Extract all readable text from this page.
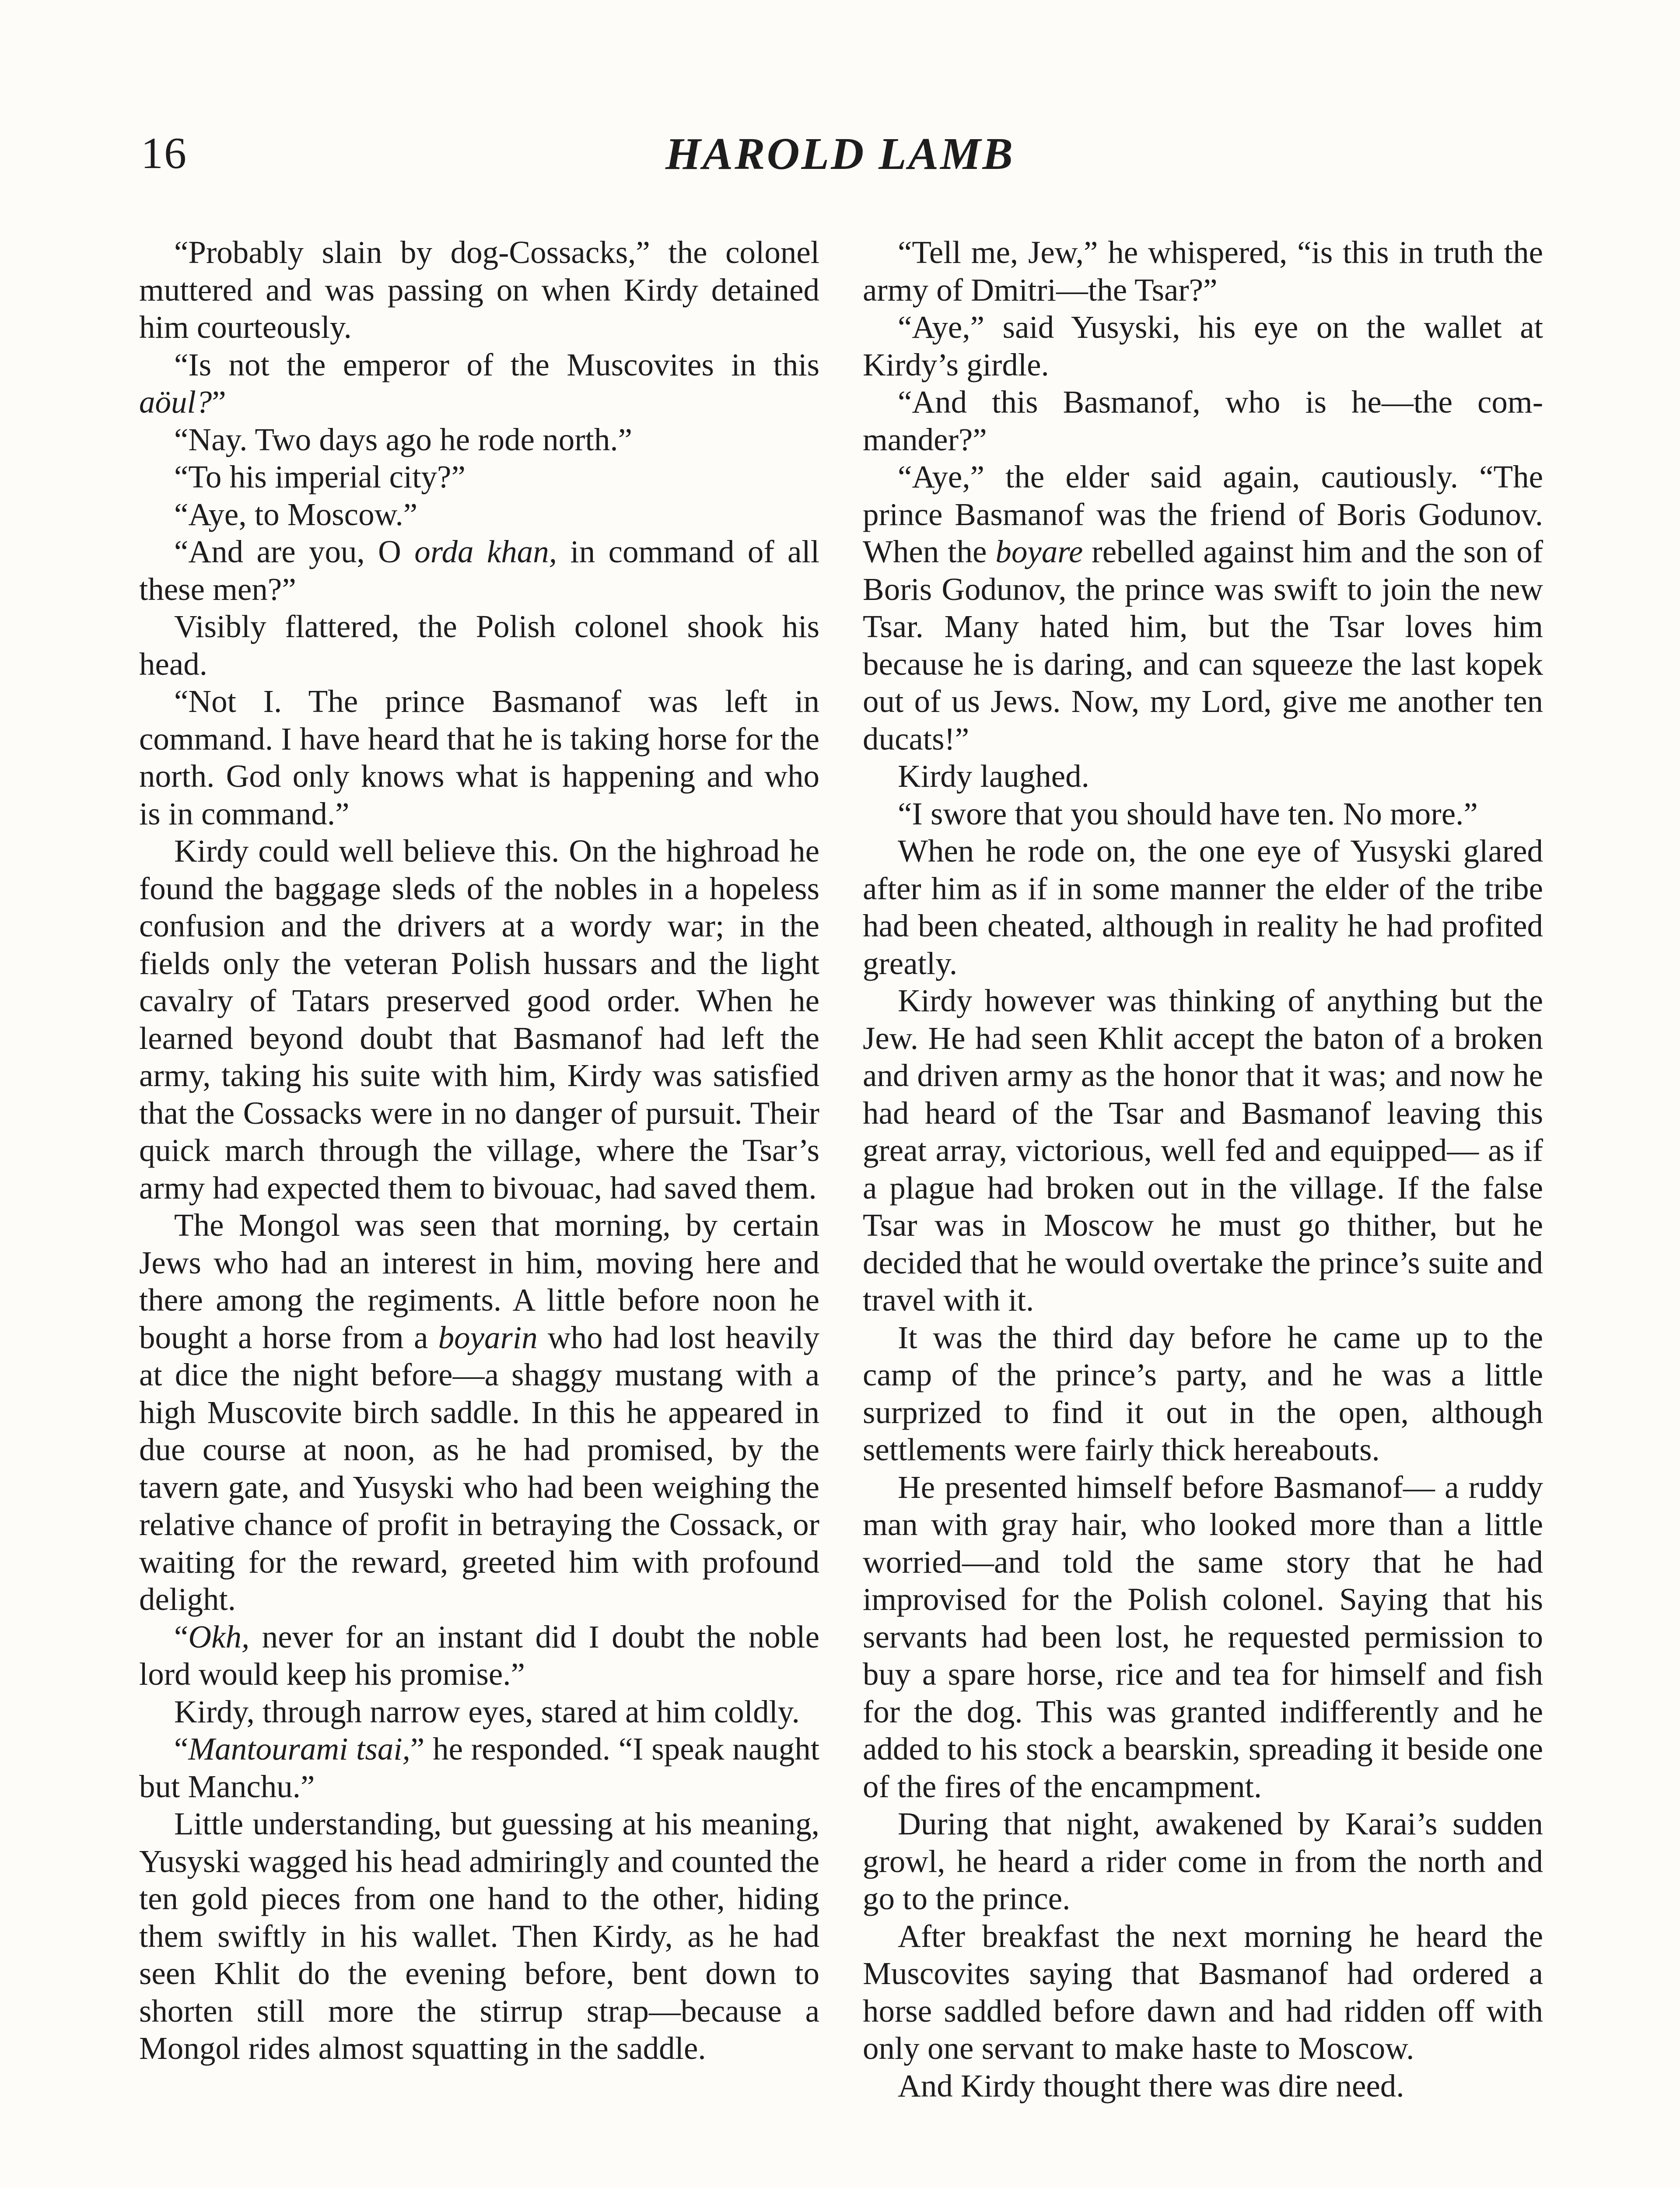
16	HAROLD LAMB

“Probably slain by dog-Cossacks,” the colonel muttered and was passing on when Kirdy detained him courteously.

“Is not the emperor of the Muscovites in this aöul?”

“Nay. Two days ago he rode north.”

“To his imperial city?”

“Aye, to Moscow.”

“And are you, O orda khan, in command of all these men?”

Visibly flattered, the Polish colonel shook his head.

“Not I. The prince Basmanof was left in command. I have heard that he is taking horse for the north. God only knows what is happening and who is in command.”

Kirdy could well believe this. On the highroad he found the baggage sleds of the nobles in a hopeless confusion and the drivers at a wordy war; in the fields only the veteran Polish hussars and the light cavalry of Tatars preserved good order. When he learned beyond doubt that Basmanof had left the army, taking his suite with him, Kirdy was satisfied that the Cossacks were in no danger of pursuit. Their quick march through the village, where the Tsar’s army had expected them to bivouac, had saved them.

The Mongol was seen that morning, by certain Jews who had an interest in him, moving here and there among the regiments. A little before noon he bought a horse from a boyarin who had lost heavily at dice the night before—a shaggy mustang with a high Muscovite birch saddle. In this he appeared in due course at noon, as he had promised, by the tavern gate, and Yusyski who had been weighing the relative chance of profit in betraying the Cossack, or waiting for the reward, greeted him with profound delight.

“Okh, never for an instant did I doubt the noble lord would keep his promise.”

Kirdy, through narrow eyes, stared at him coldly.

“Mantourami tsai,” he responded. “I speak naught but Manchu.”

Little understanding, but guessing at his meaning, Yusyski wagged his head admiringly and counted the ten gold pieces from one hand to the other, hiding them swiftly in his wallet. Then Kirdy, as he had seen Khlit do the evening before, bent down to shorten still more the stirrup strap—because a Mongol rides almost squatting in the saddle.

“Tell me, Jew,” he whispered, “is this in truth the army of Dmitri—the Tsar?”

“Aye,” said Yusyski, his eye on the wallet at Kirdy’s girdle.

“And this Basmanof, who is he—the commander?”

“Aye,” the elder said again, cautiously. “The prince Basmanof was the friend of Boris Godunov. When the boyare rebelled against him and the son of Boris Godunov, the prince was swift to join the new Tsar. Many hated him, but the Tsar loves him because he is daring, and can squeeze the last kopek out of us Jews. Now, my Lord, give me another ten ducats!”

Kirdy laughed.

“I swore that you should have ten. No more.”

When he rode on, the one eye of Yusyski glared after him as if in some manner the elder of the tribe had been cheated, although in reality he had profited greatly.

Kirdy however was thinking of anything but the Jew. He had seen Khlit accept the baton of a broken and driven army as the honor that it was; and now he had heard of the Tsar and Basmanof leaving this great array, victorious, well fed and equipped— as if a plague had broken out in the village. If the false Tsar was in Moscow he must go thither, but he decided that he would overtake the prince’s suite and travel with it.

It was the third day before he came up to the camp of the prince’s party, and he was a little surprized to find it out in the open, although settlements were fairly thick hereabouts.

He presented himself before Basmanof— a ruddy man with gray hair, who looked more than a little worried—and told the same story that he had improvised for the Polish colonel. Saying that his servants had been lost, he requested permission to buy a spare horse, rice and tea for himself and fish for the dog. This was granted indifferently and he added to his stock a bearskin, spreading it beside one of the fires of the encampment.

During that night, awakened by Karai’s sudden growl, he heard a rider come in from the north and go to the prince.

After breakfast the next morning he heard the Muscovites saying that Basmanof had ordered a horse saddled before dawn and had ridden off with only one servant to make haste to Moscow.

And Kirdy thought there was dire need.
